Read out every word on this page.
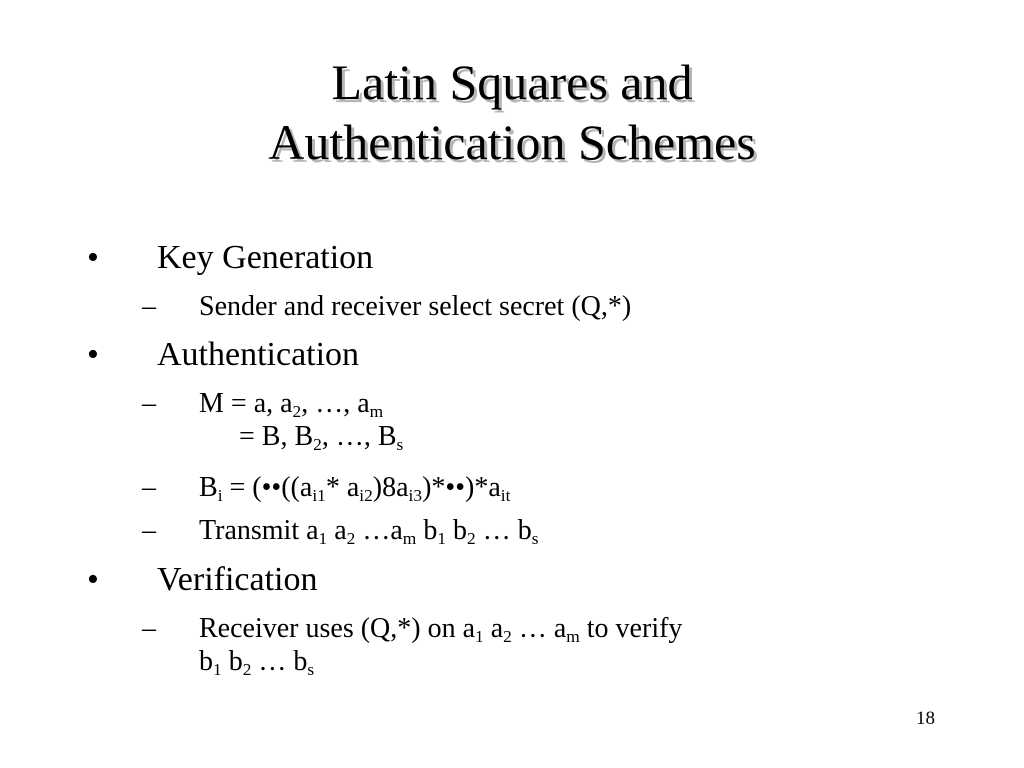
Latin Squares and
Authentication Schemes
• Key Generation
– Sender and receiver select secret (Q,*)
• Authentication
– M = a, $a_2$, …, $a_m$
= B, $B_2$, …, $B_s$
– $B_i$ = ($••((a_{i1}*$ $a_{i2})8a_{i3})*••)*a_{it}$
– Transmit $a_1$ $a_2$ $\dots a_m$ $b_1$ $b_2$ … $b_s$
• Verification
– Receiver uses (Q,*) on $a_1$ $a_2$ … $a_m$ to verify
$b_1$ $b_2$ … $b_s$
18
